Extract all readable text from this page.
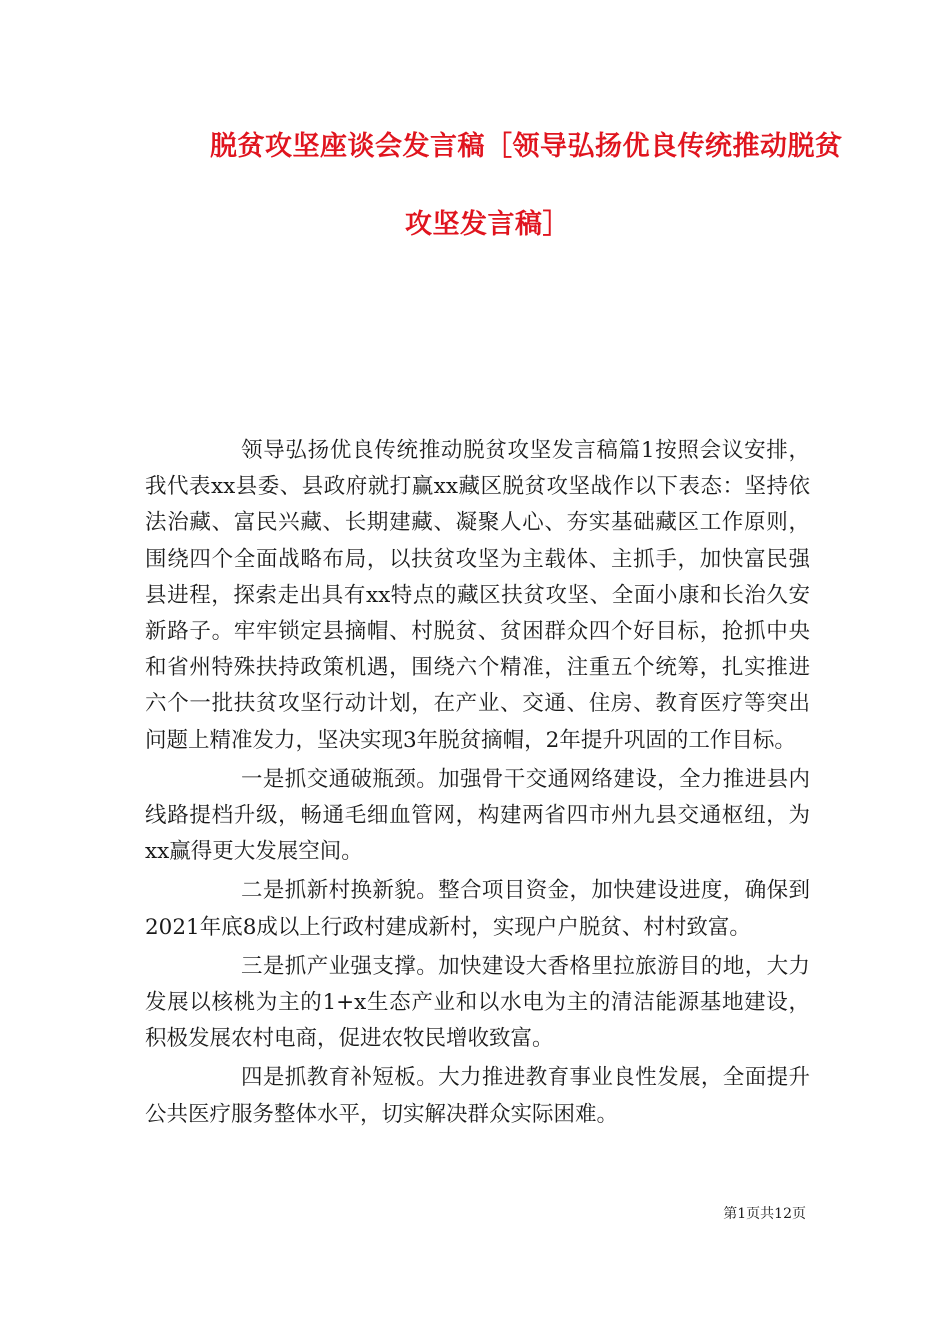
脱贫攻坚座谈会发言稿［领导弘扬优良传统推动脱贫
攻坚发言稿］

领导弘扬优良传统推动脱贫攻坚发言稿篇1按照会议安排，我代表xx县委、县政府就打赢xx藏区脱贫攻坚战作以下表态：坚持依法治藏、富民兴藏、长期建藏、凝聚人心、夯实基础藏区工作原则，围绕四个全面战略布局，以扶贫攻坚为主载体、主抓手，加快富民强县进程，探索走出具有xx特点的藏区扶贫攻坚、全面小康和长治久安新路子。牢牢锁定县摘帽、村脱贫、贫困群众四个好目标，抢抓中央和省州特殊扶持政策机遇，围绕六个精准，注重五个统筹，扎实推进六个一批扶贫攻坚行动计划，在产业、交通、住房、教育医疗等突出问题上精准发力，坚决实现3年脱贫摘帽，2年提升巩固的工作目标。

一是抓交通破瓶颈。加强骨干交通网络建设，全力推进县内线路提档升级，畅通毛细血管网，构建两省四市州九县交通枢纽，为xx赢得更大发展空间。

二是抓新村换新貌。整合项目资金，加快建设进度，确保到2021年底8成以上行政村建成新村，实现户户脱贫、村村致富。

三是抓产业强支撑。加快建设大香格里拉旅游目的地，大力发展以核桃为主的1+x生态产业和以水电为主的清洁能源基地建设，积极发展农村电商，促进农牧民增收致富。

四是抓教育补短板。大力推进教育事业良性发展，全面提升公共医疗服务整体水平，切实解决群众实际困难。

第1页共12页
